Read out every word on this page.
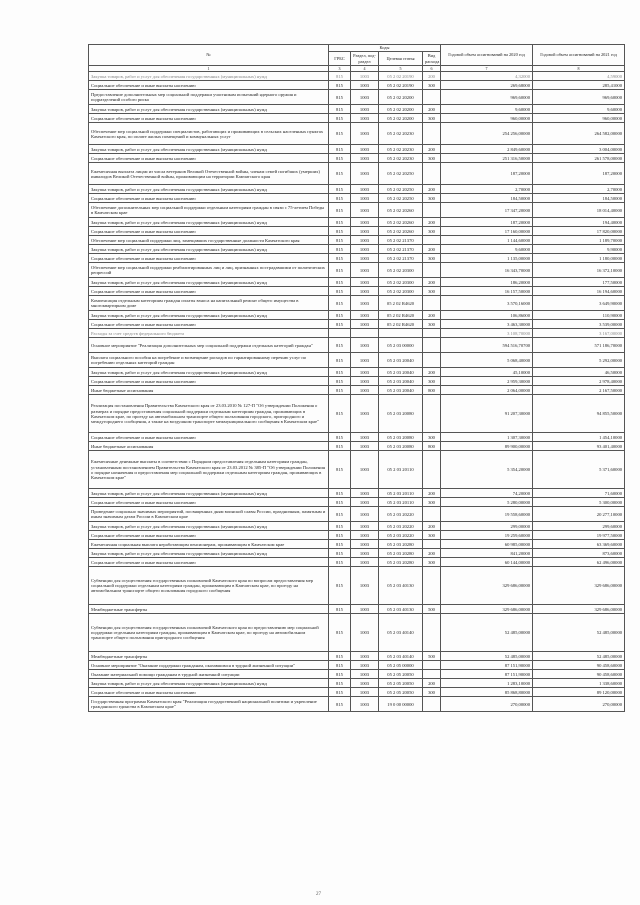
№	Коды				Годовой объем ассигнований на 2020 год	Годовой объем ассигнований на 2021 год
	ГРБС	Раздел, под-раздел	Целевая статья	Вид расхода		
1	3	4	5	6	7	8
Закупка товаров, работ и услуг для обеспечения государственных (муниципальных) нужд	815	1003	05 2 02 20190	200	4,32000	4,59000
Социальное обеспечение и иные выплаты населению	815	1003	05 2 02 20190	300	269,68000	285,41000
Предоставление дополнительных мер социальной поддержки участникам испытаний ядерного оружия и подразделений особого риска	815	1003	05 2 02 20200		969,60000	969,60000
Закупка товаров, работ и услуг для обеспечения государственных (муниципальных) нужд	815	1003	05 2 02 20200	200	9,60000	9,60000
Социальное обеспечение и иные выплаты населению	815	1003	05 2 02 20200	300	960,00000	960,00000
Обеспечение мер социальной поддержки специалистов, работающих и проживающих в сельских населенных пунктах Камчатского края, по оплате жилых помещений и коммунальных услуг	815	1003	05 2 02 20230		254 256,00000	264 582,00000
Закупка товаров, работ и услуг для обеспечения государственных (муниципальных) нужд	815	1003	05 2 02 20230	200	2 849,60000	3 004,00000
Социальное обеспечение и иные выплаты населению	815	1003	05 2 02 20230	300	251 316,50000	261 578,00000
Ежемесячная выплата лицам из числа ветеранов Великой Отечественной войны, членам семей погибших (умерших) инвалидов Великой Отечественной войны, проживающим на территории Камчатского края	815	1003	05 2 02 20250		187,20000	187,20000
Закупка товаров, работ и услуг для обеспечения государственных (муниципальных) нужд	815	1003	05 2 02 20250	200	2,70000	2,70000
Социальное обеспечение и иные выплаты населению	815	1003	05 2 02 20250	300	184,50000	184,50000
Обеспечение дополнительных мер социальной поддержки отдельным категориям граждан в связи с 75-летием Победы в Камчатском крае	815	1003	05 2 02 20260		17 347,20000	18 014,40000
Закупка товаров, работ и услуг для обеспечения государственных (муниципальных) нужд	815	1003	05 2 02 20260	200	187,20000	194,40000
Социальное обеспечение и иные выплаты населению	815	1003	05 2 02 20260	300	17 160,00000	17 820,00000
Обеспечение мер социальной поддержки лиц, замещавших государственные должности Камчатского края	815	1003	05 2 02 21370		1 144,60000	1 189,70000
Закупка товаров, работ и услуг для обеспечения государственных (муниципальных) нужд	815	1003	05 2 02 21370	200	9,60000	9,90000
Социальное обеспечение и иные выплаты населению	815	1003	05 2 02 21370	300	1 135,00000	1 180,00000
Обеспечение мер социальной поддержки реабилитированных лиц и лиц, признанных пострадавшими от политических репрессий	815	1003	05 2 02 20300		16 343,70000	16 372,10000
Закупка товаров, работ и услуг для обеспечения государственных (муниципальных) нужд	815	1003	05 2 02 20300	200	186,20000	177,50000
Социальное обеспечение и иные выплаты населению	815	1003	05 2 02 20300	300	16 157,50000	16 194,60000
Компенсация отдельным категориям граждан оплаты взноса на капитальный ремонт общего имущества в многоквартирном доме	815	1003	05 2 02 R4620		3 570,16000	3 649,90000
Закупка товаров, работ и услуг для обеспечения государственных (муниципальных) нужд	815	1003	05 2 02 R4620	200	106,86000	110,90000
Социальное обеспечение и иные выплаты населению	815	1003	05 2 02 R4620	300	3 463,30000	3 539,00000
Расходы за счет средств федерального бюджета					3 108,70000	3 167,00000
Основное мероприятие "Реализация дополнительных мер социальной поддержки отдельных категорий граждан"	815	1003	05 2 03 00000		594 516,70700	571 186,70000
Выплата социального пособия на погребение и возмещение расходов по гарантированному перечню услуг по погребению отдельных категорий граждан	815	1003	05 2 03 20040		5 068,40000	5 292,00000
Закупка товаров, работ и услуг для обеспечения государственных (муниципальных) нужд	815	1003	05 2 03 20040	200	45,10000	46,50000
Социальное обеспечение и иные выплаты населению	815	1003	05 2 03 20040	300	2 959,30000	2 978,40000
Иные бюджетные ассигнования	815	1003	05 2 03 20040	800	2 064,00000	2 167,50000
Реализация постановления Правительства Камчатского края от 23.03.2010 № 127-П "Об утверждении Положения о размерах и порядке предоставления социальной поддержки отдельным категориям граждан, проживающих в Камчатском крае, по проезду на автомобильном транспорте общего пользования городского, пригородного и междугороднего сообщения, а также на воздушном транспорте межмуниципального сообщения в Камчатском крае"	815	1003	05 2 03 20080		91 207,30000	94 855,50000
Социальное обеспечение и иные выплаты населению	815	1003	05 2 03 20080	300	1 307,30000	1 454,10000
Иные бюджетные ассигнования	815	1003	05 2 03 20080	800	89 900,00000	93 401,40000
Ежемесячные денежные выплаты в соответствии с Порядком предоставления отдельным категориям граждан, установленным постановлением Правительства Камчатского края от 23.03.2012 № 385-П "Об утверждении Положения о порядке назначения и предоставления мер социальной поддержки отдельным категориям граждан, проживающих в Камчатском крае"	815	1003	05 2 03 20110		5 354,20000	5 371,60000
Закупка товаров, работ и услуг для обеспечения государственных (муниципальных) нужд	815	1003	05 2 03 20110	200	74,20000	71,60000
Социальное обеспечение и иные выплаты населению	815	1003	05 2 03 20110	300	5 280,00000	5 300,00000
Проведение социально значимых мероприятий, посвященных дням воинской славы России, праздничным, памятным и иным значимым датам России в Камчатском крае	815	1003	05 2 03 20220		19 558,60000	20 277,10000
Закупка товаров, работ и услуг для обеспечения государственных (муниципальных) нужд	815	1003	05 2 03 20220	200	299,00000	299,60000
Социальное обеспечение и иные выплаты населению	815	1003	05 2 03 20220	300	19 259,60000	19 977,50000
Ежемесячная социальная выплата неработающим пенсионерам, проживающим в Камчатском крае	815	1003	05 2 03 20280		60 985,00000	63 369,60000
Закупка товаров, работ и услуг для обеспечения государственных (муниципальных) нужд	815	1003	05 2 03 20280	200	841,20000	873,60000
Социальное обеспечение и иные выплаты населению	815	1003	05 2 03 20280	300	60 144,00000	62 496,00000
Субвенции для осуществления государственных полномочий Камчатского края по вопросам предоставления мер социальной поддержки отдельным категориям граждан, проживающим в Камчатском крае, по проезду на автомобильном транспорте общего пользования городского сообщения	815	1003	05 2 03 40130		329 686,00000	329 686,00000
Межбюджетные трансферты	815	1003	05 2 03 40130	500	329 686,00000	329 686,00000
Субвенции для осуществления государственных полномочий Камчатского края по предоставлению мер социальной поддержки отдельным категориям граждан, проживающим в Камчатском крае, по проезду на автомобильном транспорте общего пользования пригородного сообщения	815	1003	05 2 03 40140		52 485,00000	52 485,00000
Межбюджетные трансферты	815	1003	05 2 03 40140	500	52 485,00000	52 485,00000
Основное мероприятие "Оказание поддержки гражданам, оказавшимся в трудной жизненной ситуации"	815	1003	05 2 05 00000		87 151,90000	90 458,60000
Оказание материальной помощи гражданам в трудной жизненной ситуации	815	1003	05 2 05 20050		87 151,90000	90 458,60000
Закупка товаров, работ и услуг для обеспечения государственных (муниципальных) нужд	815	1003	05 2 05 20050	200	1 283,10000	1 338,60000
Социальное обеспечение и иные выплаты населению	815	1003	05 2 05 20050	300	85 868,80000	89 120,00000
Государственная программа Камчатского края "Реализация государственной национальной политики и укрепление гражданского единства в Камчатском крае"	815	1003	19 0 00 00000		270,00000	270,00000
27
